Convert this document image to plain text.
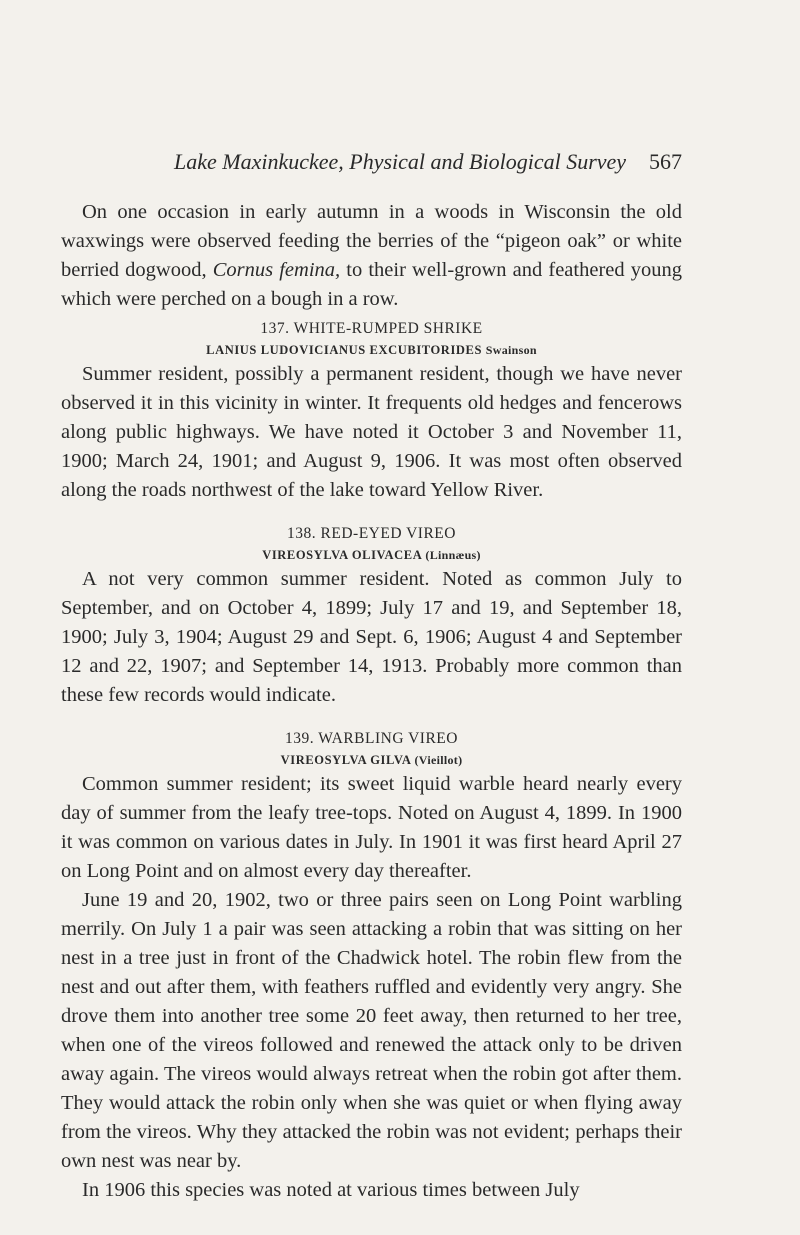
Lake Maxinkuckee, Physical and Biological Survey 567

On one occasion in early autumn in a woods in Wisconsin the old waxwings were observed feeding the berries of the “pigeon oak” or white berried dogwood, Cornus femina, to their well-grown and feathered young which were perched on a bough in a row.

137. WHITE-RUMPED SHRIKE

LANIUS LUDOVICIANUS EXCUBITORIDES Swainson

Summer resident, possibly a permanent resident, though we have never observed it in this vicinity in winter. It frequents old hedges and fencerows along public highways. We have noted it October 3 and November 11, 1900; March 24, 1901; and August 9, 1906. It was most often observed along the roads northwest of the lake toward Yellow River.

138. RED-EYED VIREO

VIREOSYLVA OLIVACEA (Linnæus)

A not very common summer resident. Noted as common July to September, and on October 4, 1899; July 17 and 19, and September 18, 1900; July 3, 1904; August 29 and Sept. 6, 1906; August 4 and September 12 and 22, 1907; and September 14, 1913. Probably more common than these few records would indicate.

139. WARBLING VIREO

VIREOSYLVA GILVA (Vieillot)

Common summer resident; its sweet liquid warble heard nearly every day of summer from the leafy tree-tops. Noted on August 4, 1899. In 1900 it was common on various dates in July. In 1901 it was first heard April 27 on Long Point and on almost every day thereafter.

June 19 and 20, 1902, two or three pairs seen on Long Point warbling merrily. On July 1 a pair was seen attacking a robin that was sitting on her nest in a tree just in front of the Chadwick hotel. The robin flew from the nest and out after them, with feathers ruffled and evidently very angry. She drove them into another tree some 20 feet away, then returned to her tree, when one of the vireos followed and renewed the attack only to be driven away again. The vireos would always retreat when the robin got after them. They would attack the robin only when she was quiet or when flying away from the vireos. Why they attacked the robin was not evident; perhaps their own nest was near by.

In 1906 this species was noted at various times between July
